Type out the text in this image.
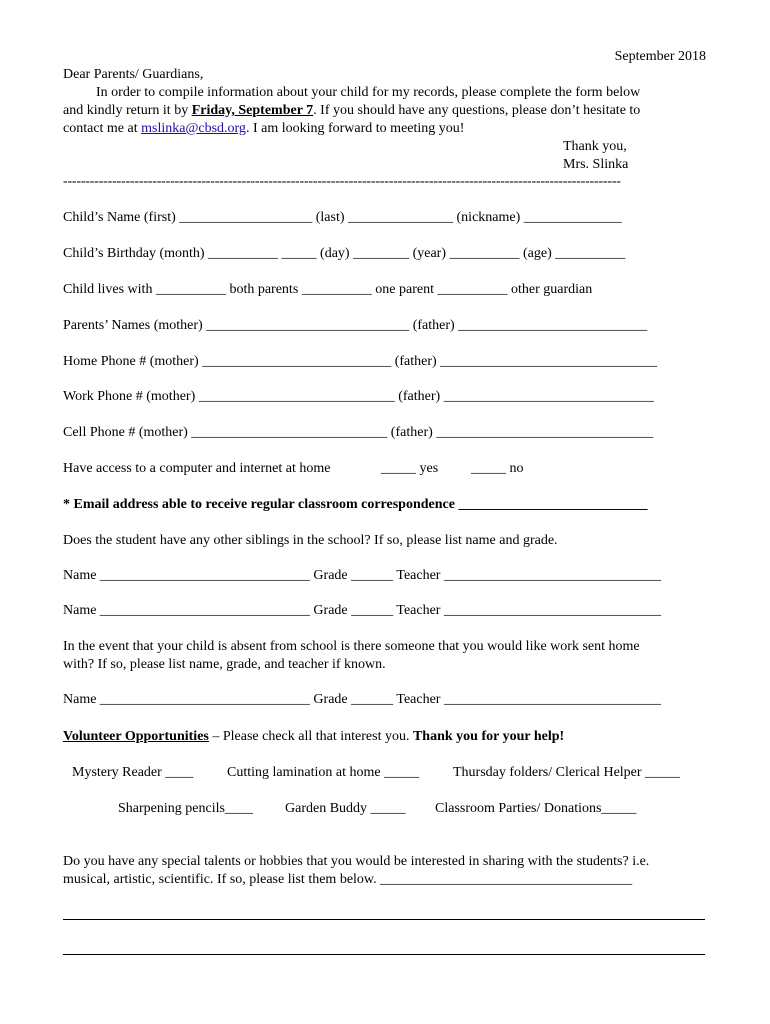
September 2018
Dear Parents/ Guardians,
In order to compile information about your child for my records, please complete the form below
and kindly return it by Friday, September 7. If you should have any questions, please don’t hesitate to
contact me at mslinka@cbsd.org. I am looking forward to meeting you!
Thank you,
Mrs. Slinka
-----------------------------------------------------------------------------------------------------------------------------
Child’s Name (first) ___________________ (last) _______________ (nickname) ______________
Child’s Birthday (month) __________ _____ (day) ________ (year) __________ (age) __________
Child lives with __________ both parents __________ one parent __________ other guardian
Parents’ Names (mother) _____________________________ (father) ___________________________
Home Phone # (mother) ___________________________ (father) _______________________________
Work Phone # (mother) ____________________________ (father) ______________________________
Cell Phone # (mother) ____________________________ (father) _______________________________
Have access to a computer and internet at home	_____ yes _____ no
* Email address able to receive regular classroom correspondence ___________________________
Does the student have any other siblings in the school? If so, please list name and grade.
Name ______________________________ Grade ______ Teacher _______________________________
Name ______________________________ Grade ______ Teacher _______________________________
In the event that your child is absent from school is there someone that you would like work sent home
with? If so, please list name, grade, and teacher if known.
Name ______________________________ Grade ______ Teacher _______________________________
Volunteer Opportunities – Please check all that interest you. Thank you for your help!
Mystery Reader ____ Cutting lamination at home _____ Thursday folders/ Clerical Helper _____
Sharpening pencils____ Garden Buddy _____ Classroom Parties/ Donations_____
Do you have any special talents or hobbies that you would be interested in sharing with the students? i.e.
musical, artistic, scientific. If so, please list them below. ____________________________________
